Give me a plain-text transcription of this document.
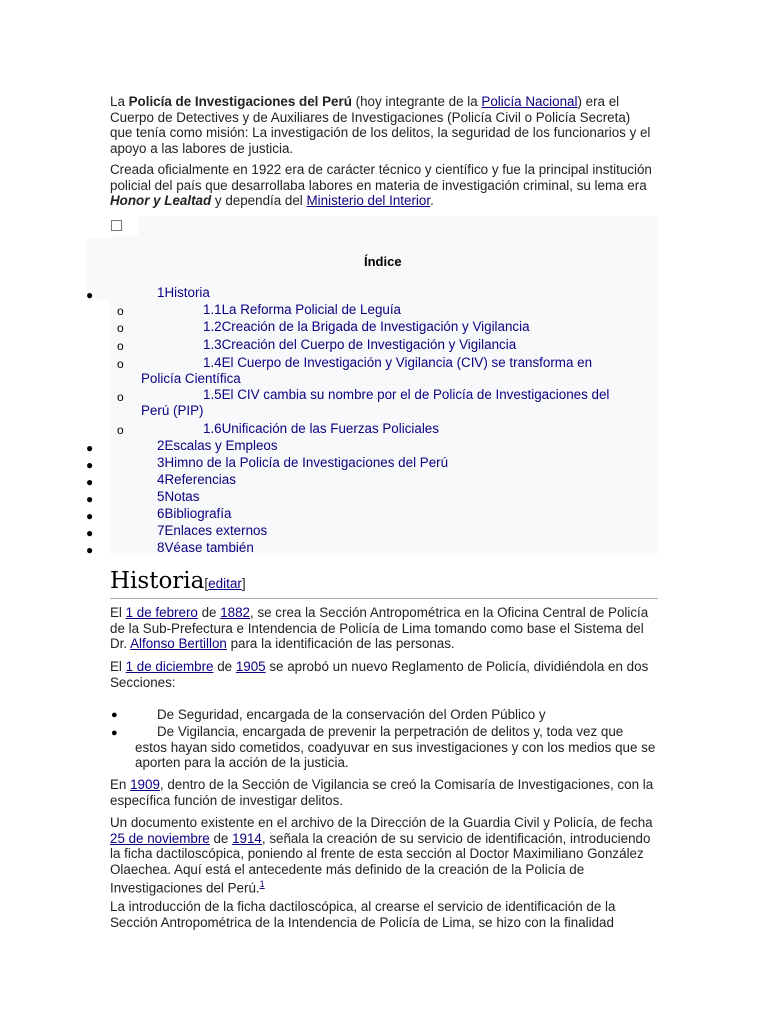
La Policía de Investigaciones del Perú (hoy integrante de la Policía Nacional) era el Cuerpo de Detectives y de Auxiliares de Investigaciones (Policía Civil o Policía Secreta) que tenía como misión: La investigación de los delitos, la seguridad de los funcionarios y el apoyo a las labores de justicia.

Creada oficialmente en 1922 era de carácter técnico y científico y fue la principal institución policial del país que desarrollaba labores en materia de investigación criminal, su lema era Honor y Lealtad y dependía del Ministerio del Interior.

Índice
●	1Historia
o	1.1La Reforma Policial de Leguía
o	1.2Creación de la Brigada de Investigación y Vigilancia
o	1.3Creación del Cuerpo de Investigación y Vigilancia
o	1.4El Cuerpo de Investigación y Vigilancia (CIV) se transforma en
Policía Científica
o	1.5El CIV cambia su nombre por el de Policía de Investigaciones del
Perú (PIP)
o	1.6Unificación de las Fuerzas Policiales
●	2Escalas y Empleos
●	3Himno de la Policía de Investigaciones del Perú
●	4Referencias
●	5Notas
●	6Bibliografía
●	7Enlaces externos
●	8Véase también
Historia[editar]

El 1 de febrero de 1882, se crea la Sección Antropométrica en la Oficina Central de Policía de la Sub-Prefectura e Intendencia de Policía de Lima tomando como base el Sistema del Dr. Alfonso Bertillon para la identificación de las personas.

El 1 de diciembre de 1905 se aprobó un nuevo Reglamento de Policía, dividiéndola en dos Secciones:

●	De Seguridad, encargada de la conservación del Orden Público y

●	De Vigilancia, encargada de prevenir la perpetración de delitos y, toda vez que estos hayan sido cometidos, coadyuvar en sus investigaciones y con los medios que se aporten para la acción de la justicia.

En 1909, dentro de la Sección de Vigilancia se creó la Comisaría de Investigaciones, con la específica función de investigar delitos.

Un documento existente en el archivo de la Dirección de la Guardia Civil y Policía, de fecha 25 de noviembre de 1914, señala la creación de su servicio de identificación, introduciendo la ficha dactiloscópica, poniendo al frente de esta sección al Doctor Maximiliano González Olaechea. Aquí está el antecedente más definido de la creación de la Policía de Investigaciones del Perú.$^1$

La introducción de la ficha dactiloscópica, al crearse el servicio de identificación de la Sección Antropométrica de la Intendencia de Policía de Lima, se hizo con la finalidad
